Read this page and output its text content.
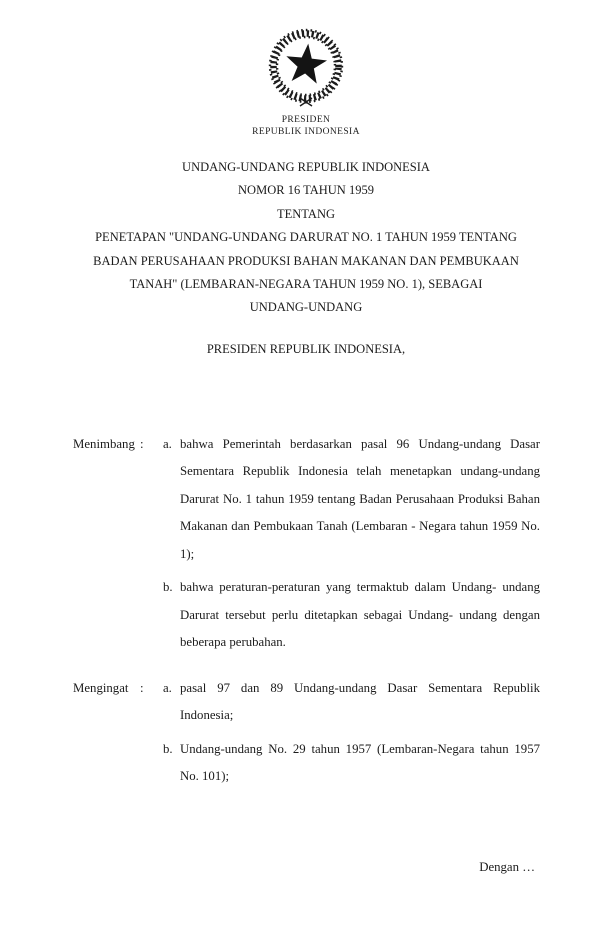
PRESIDEN
REPUBLIK INDONESIA
UNDANG-UNDANG REPUBLIK INDONESIA
NOMOR 16 TAHUN 1959
TENTANG
PENETAPAN "UNDANG-UNDANG DARURAT NO. 1 TAHUN 1959 TENTANG
BADAN PERUSAHAAN PRODUKSI BAHAN MAKANAN DAN PEMBUKAAN
TANAH" (LEMBARAN-NEGARA TAHUN 1959 NO. 1), SEBAGAI
UNDANG-UNDANG
PRESIDEN REPUBLIK INDONESIA,
Menimbang :	a. bahwa Pemerintah berdasarkan pasal 96 Undang-undang Dasar Sementara Republik Indonesia telah menetapkan undang-undang Darurat No. 1 tahun 1959 tentang Badan Perusahaan Produksi Bahan Makanan dan Pembukaan Tanah (Lembaran - Negara tahun 1959 No. 1);
b. bahwa peraturan-peraturan yang termaktub dalam Undang- undang Darurat tersebut perlu ditetapkan sebagai Undang- undang dengan beberapa perubahan.
Mengingat :	a. pasal 97 dan 89 Undang-undang Dasar Sementara Republik Indonesia;
b. Undang-undang No. 29 tahun 1957 (Lembaran-Negara tahun 1957 No. 101);
Dengan …
